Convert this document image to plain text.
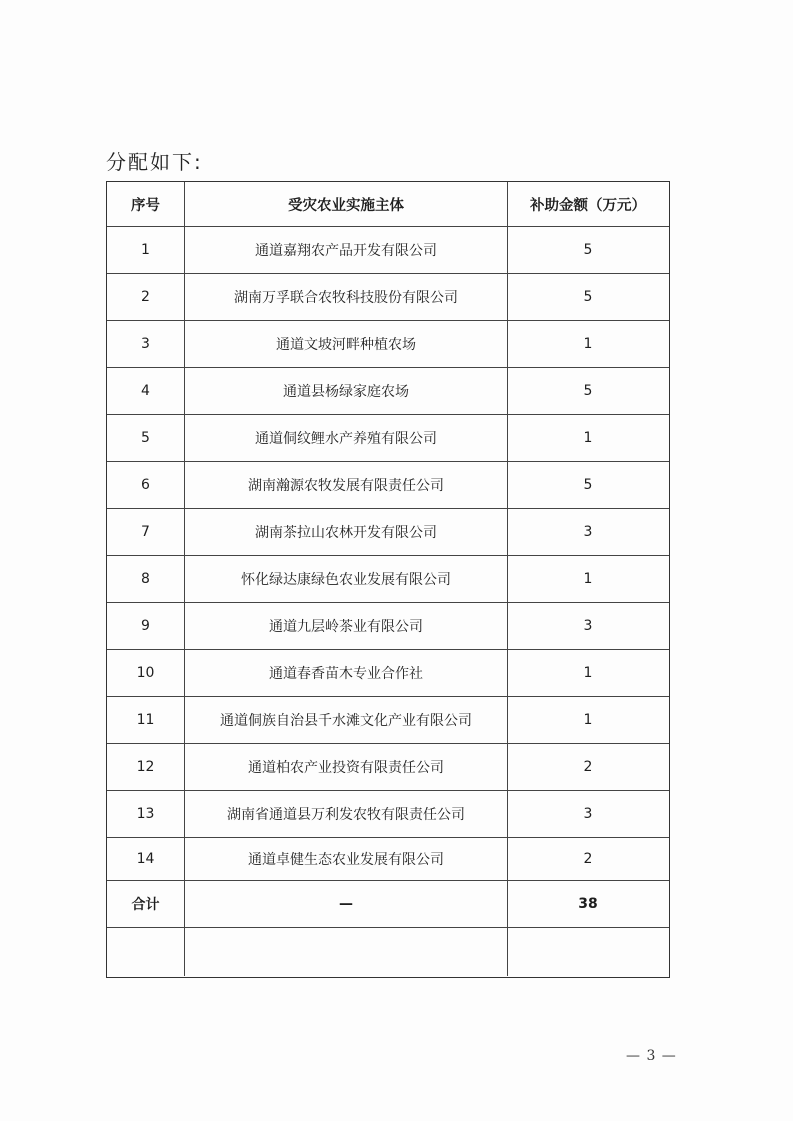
分配如下:
序号	受灾农业实施主体	补助金额（万元）
1	通道嘉翔农产品开发有限公司	5
2	湖南万孚联合农牧科技股份有限公司	5
3	通道文坡河畔种植农场	1
4	通道县杨绿家庭农场	5
5	通道侗纹鲤水产养殖有限公司	1
6	湖南瀚源农牧发展有限责任公司	5
7	湖南茶拉山农林开发有限公司	3
8	怀化绿达康绿色农业发展有限公司	1
9	通道九层岭茶业有限公司	3
10	通道春香苗木专业合作社	1
11	通道侗族自治县千水滩文化产业有限公司	1
12	通道柏农产业投资有限责任公司	2
13	湖南省通道县万利发农牧有限责任公司	3
14	通道卓健生态农业发展有限公司	2
合计	—	38
— 3 —
